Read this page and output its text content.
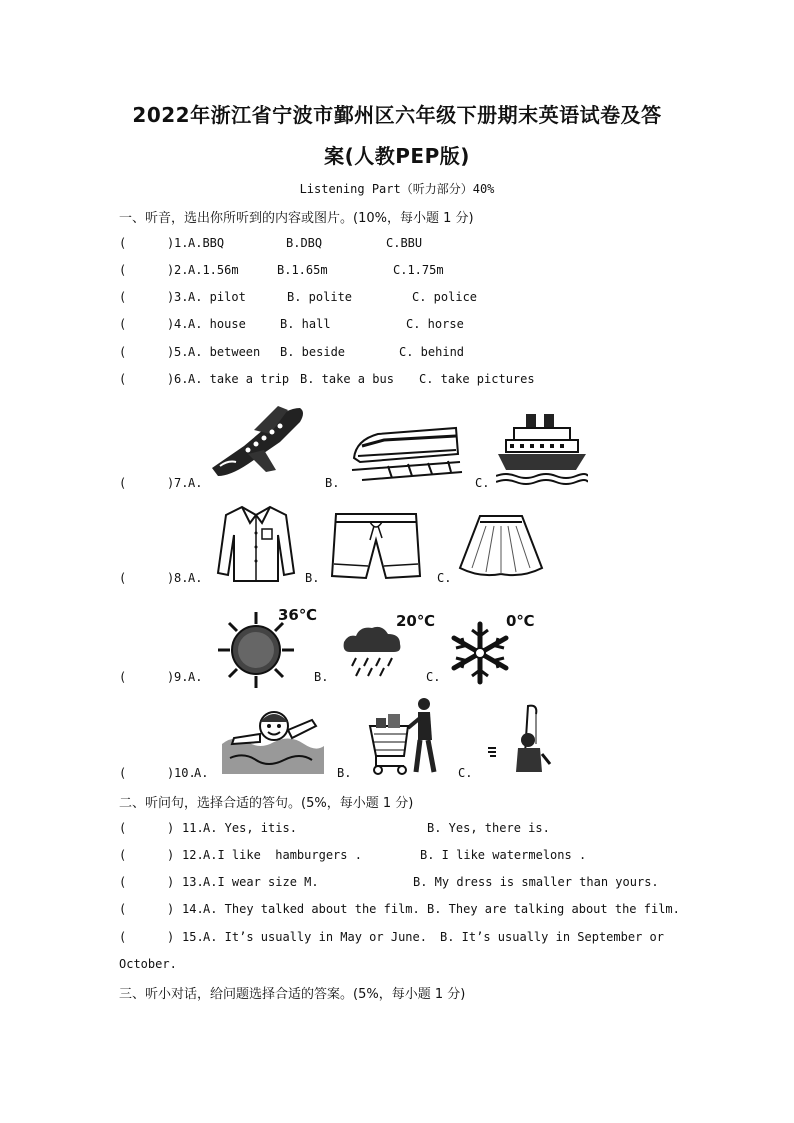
2022年浙江省宁波市鄞州区六年级下册期末英语试卷及答
案(人教PEP版)
Listening Part（听力部分）40%
一、听音，选出你所听到的内容或图片。(10%，每小题 1 分)

(

	)

1.

A.BBQ

	B.DBQ

	C.BBU

(

	)

2.

A.1.56m

	B.1.65m

	C.1.75m

(

	)

3.

A. pilot

	B. polite

	C. police

(

	)

4.

A. house

	B. hall

	C. horse

(

	)

5.

A. between

B. beside

	C. behind

(

	)

6.

A. take a trip

B. take a bus

C. take pictures

(

	)

7.

A.

	B.

	C.

(

	)

8.

A.

	B.

	C.

(

	)

9.

A.

	B.

	C.

36℃	20℃	0℃

(

	)

10.

A.

	B.

	C.

二、听问句，选择合适的答句。(5%，每小题 1 分)

(

	)

11.

A. Yes, itis.

	B. Yes, there is.

(

	)

12.

A.I like  hamburgers .

	B. I like watermelons .

(

	)

13.

A.I wear size M.

	B. My dress is smaller than yours.

(

	)

14.

A. They talked about the film.

B. They are talking about the film.

(

	)

15.

A. It’s usually in May or June.

B. It’s usually in September or

October.

三、听小对话，给问题选择合适的答案。(5%，每小题 1 分)
